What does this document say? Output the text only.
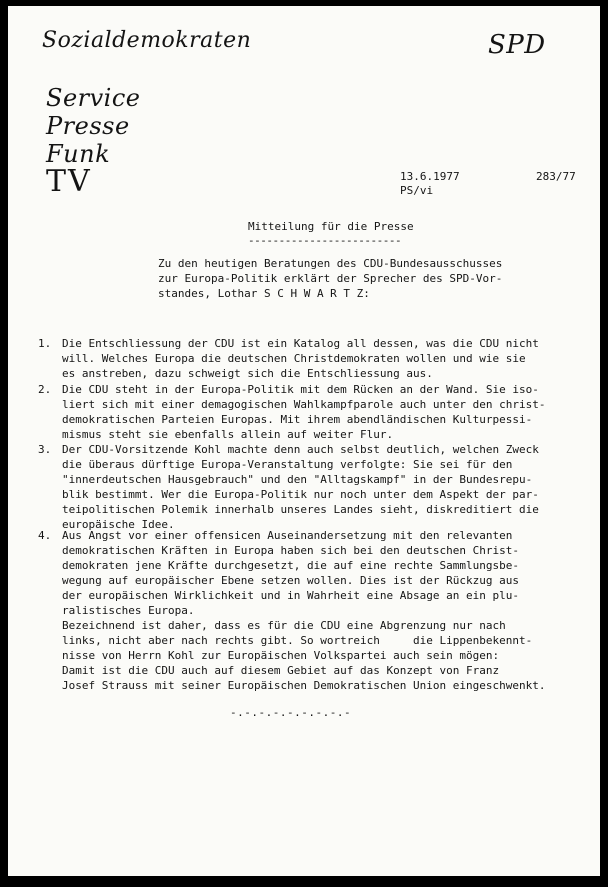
Sozialdemokraten	SPD
Service
Presse
Funk
TV	13.6.1977	283/77
PS/vi
Mitteilung für die Presse
-------------------------
Zu den heutigen Beratungen des CDU-Bundesausschusses
zur Europa-Politik erklärt der Sprecher des SPD-Vor-
standes, Lothar S C H W A R T Z:
1. Die Entschliessung der CDU ist ein Katalog all dessen, was die CDU nicht
will. Welches Europa die deutschen Christdemokraten wollen und wie sie
es anstreben, dazu schweigt sich die Entschliessung aus.
2. Die CDU steht in der Europa-Politik mit dem Rücken an der Wand. Sie iso-
liert sich mit einer demagogischen Wahlkampfparole auch unter den christ-
demokratischen Parteien Europas. Mit ihrem abendländischen Kulturpessi-
mismus steht sie ebenfalls allein auf weiter Flur.
3. Der CDU-Vorsitzende Kohl machte denn auch selbst deutlich, welchen Zweck
die überaus dürftige Europa-Veranstaltung verfolgte: Sie sei für den
"innerdeutschen Hausgebrauch" und den "Alltagskampf" in der Bundesrepu-
blik bestimmt. Wer die Europa-Politik nur noch unter dem Aspekt der par-
teipolitischen Polemik innerhalb unseres Landes sieht, diskreditiert die
europäische Idee.
4. Aus Angst vor einer offensicen Auseinandersetzung mit den relevanten
demokratischen Kräften in Europa haben sich bei den deutschen Christ-
demokraten jene Kräfte durchgesetzt, die auf eine rechte Sammlungsbe-
wegung auf europäischer Ebene setzen wollen. Dies ist der Rückzug aus
der europäischen Wirklichkeit und in Wahrheit eine Absage an ein plu-
ralistisches Europa.
Bezeichnend ist daher, dass es für die CDU eine Abgrenzung nur nach
links, nicht aber nach rechts gibt. So wortreich     die Lippenbekennt-
nisse von Herrn Kohl zur Europäischen Volkspartei auch sein mögen:
Damit ist die CDU auch auf diesem Gebiet auf das Konzept von Franz
Josef Strauss mit seiner Europäischen Demokratischen Union eingeschwenkt.
-.-.-.-.-.-.-.-.-
